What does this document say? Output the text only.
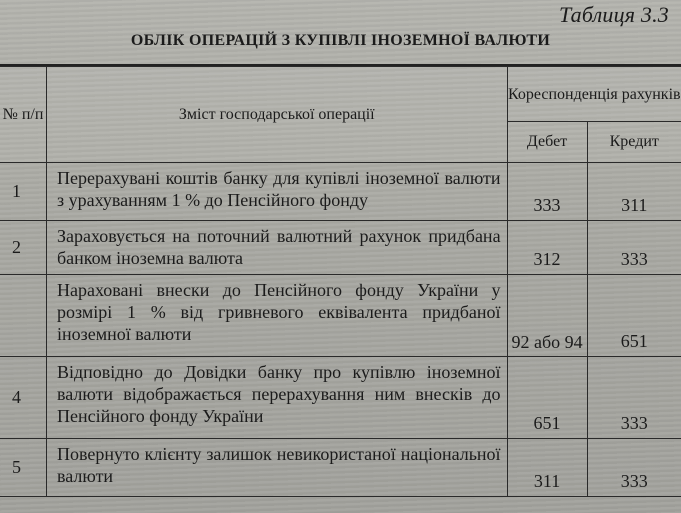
Таблиця 3.3
ОБЛІК ОПЕРАЦІЙ З КУПІВЛІ ІНОЗЕМНОЇ ВАЛЮТИ
№ п/п	Зміст господарської операції	Кореспонденція рахунків	
		Дебет	Кредит
1	Перерахувані коштів банку для купівлі іноземної валюти з урахуванням 1 % до Пенсійного фонду	333	311
2	Зараховується на поточний валютний рахунок придбана банком іноземна валюта	312	333
	Нараховані внески до Пенсійного фонду України у розмірі 1 % від гривневого еквівалента придбаної іноземної валюти	92 або 94	651
4	Відповідно до Довідки банку про купівлю іноземної валюти відображається перерахування ним внесків до Пенсійного фонду України	651	333
5	Повернуто клієнту залишок невикористаної національної валюти	311	333
